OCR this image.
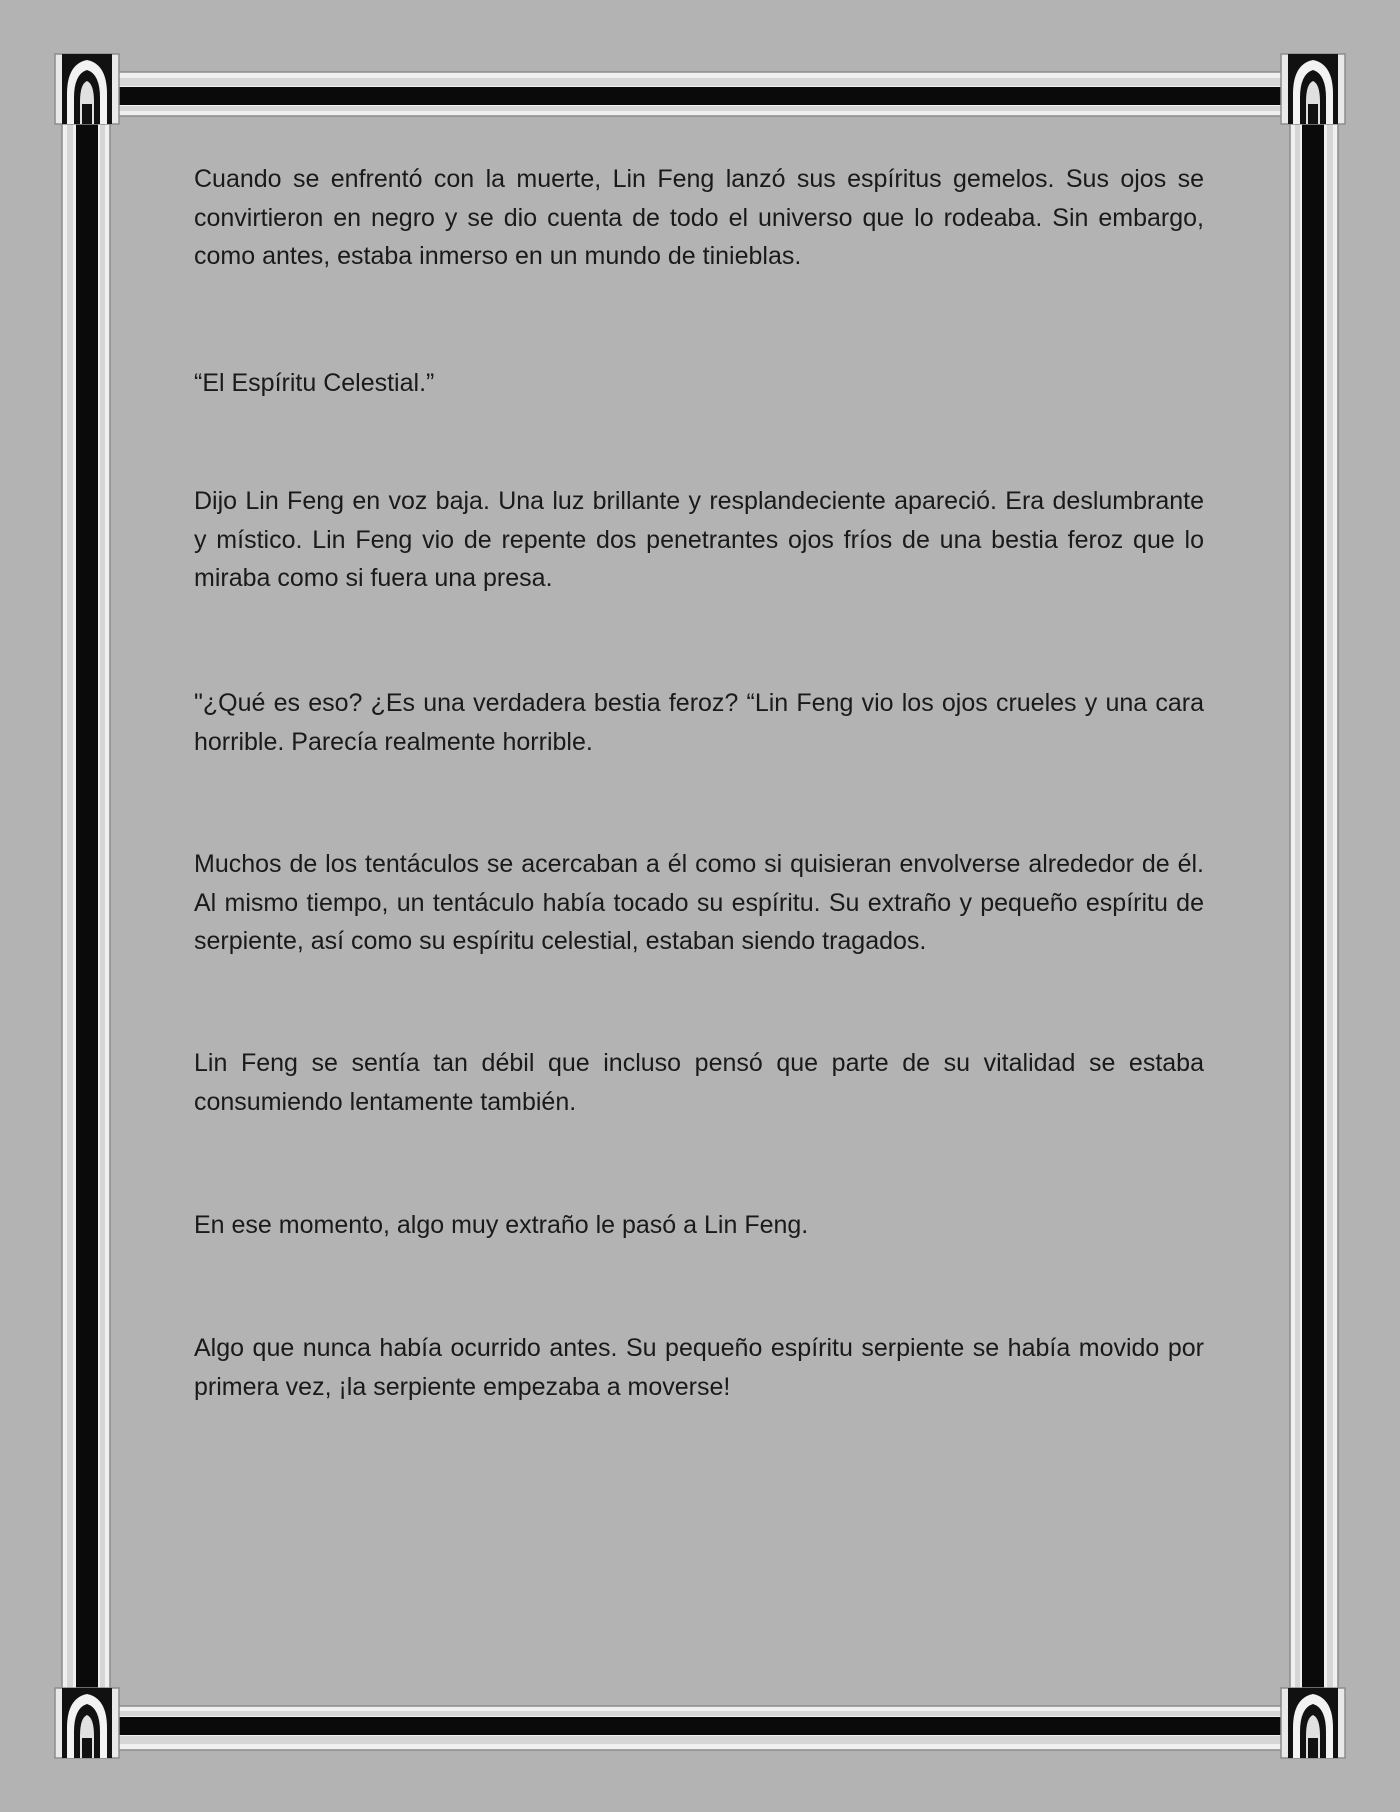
Cuando se enfrentó con la muerte, Lin Feng lanzó sus espíritus gemelos. Sus ojos se convirtieron en negro y se dio cuenta de todo el universo que lo rodeaba. Sin embargo, como antes, estaba inmerso en un mundo de tinieblas.

“El Espíritu Celestial.”

Dijo Lin Feng en voz baja. Una luz brillante y resplandeciente apareció. Era deslumbrante y místico. Lin Feng vio de repente dos penetrantes ojos fríos de una bestia feroz que lo miraba como si fuera una presa.

"¿Qué es eso? ¿Es una verdadera bestia feroz? “Lin Feng vio los ojos crueles y una cara horrible. Parecía realmente horrible.

Muchos de los tentáculos se acercaban a él como si quisieran envolverse alrededor de él. Al mismo tiempo, un tentáculo había tocado su espíritu. Su extraño y pequeño espíritu de serpiente, así como su espíritu celestial, estaban siendo tragados.

Lin Feng se sentía tan débil que incluso pensó que parte de su vitalidad se estaba consumiendo lentamente también.

En ese momento, algo muy extraño le pasó a Lin Feng.

Algo que nunca había ocurrido antes. Su pequeño espíritu serpiente se había movido por primera vez, ¡la serpiente empezaba a moverse!
